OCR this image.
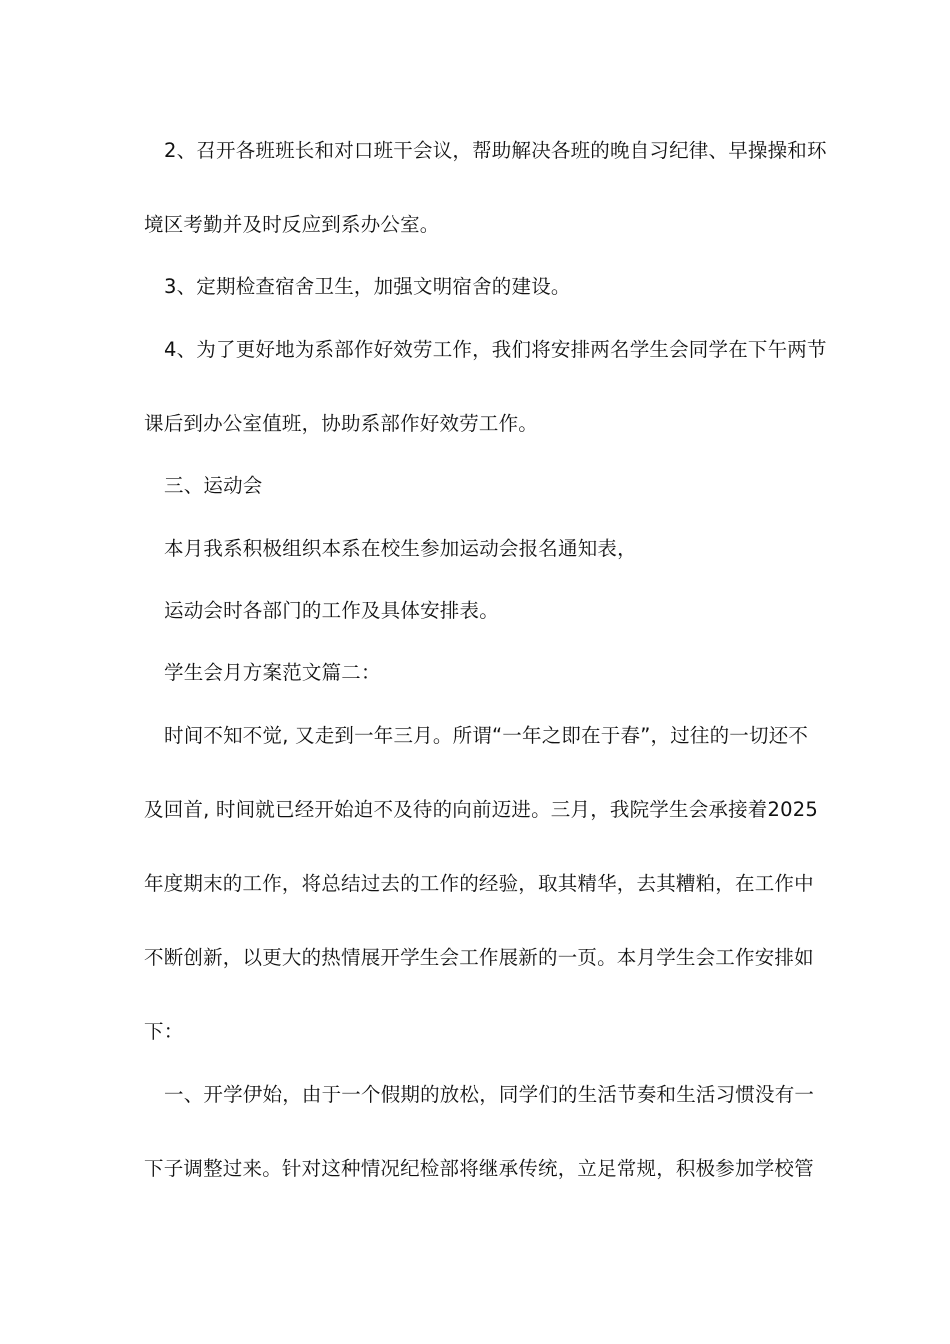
2、召开各班班长和对口班干会议，帮助解决各班的晚自习纪律、早操操和环
境区考勤并及时反应到系办公室。
3、定期检查宿舍卫生，加强文明宿舍的建设。
4、为了更好地为系部作好效劳工作，我们将安排两名学生会同学在下午两节
课后到办公室值班，协助系部作好效劳工作。
三、运动会
本月我系积极组织本系在校生参加运动会报名通知表，
运动会时各部门的工作及具体安排表。
学生会月方案范文篇二：
时间不知不觉, 又走到一年三月。所谓“一年之即在于春”，过往的一切还不
及回首, 时间就已经开始迫不及待的向前迈进。三月，我院学生会承接着2025
年度期末的工作，将总结过去的工作的经验，取其精华，去其糟粕，在工作中
不断创新，以更大的热情展开学生会工作展新的一页。本月学生会工作安排如
下：
一、开学伊始，由于一个假期的放松，同学们的生活节奏和生活习惯没有一
下子调整过来。针对这种情况纪检部将继承传统，立足常规，积极参加学校管
